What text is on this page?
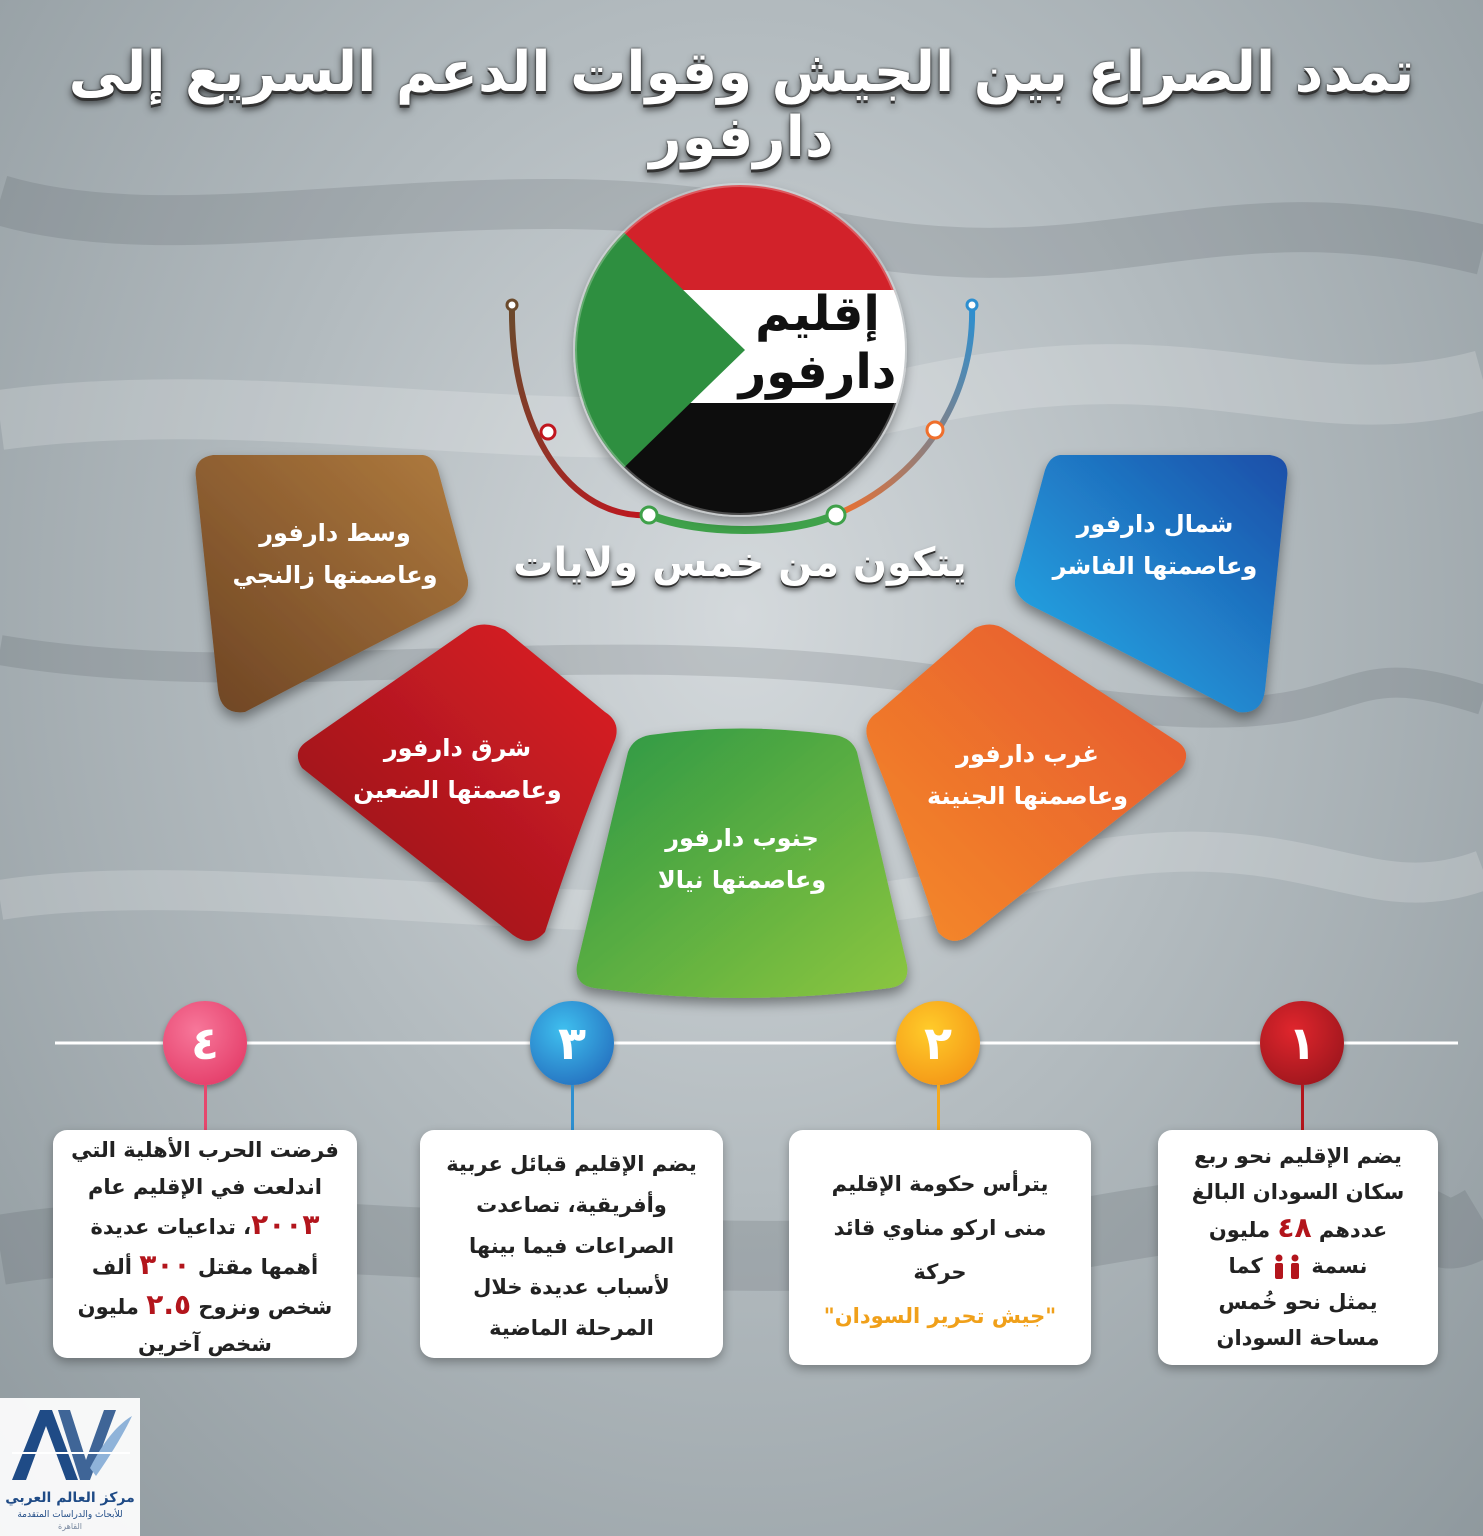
تمدد الصراع بين الجيش وقوات الدعم السريع إلى دارفور
إقليم
دارفور
يتكون من خمس ولايات
شمال دارفور
وعاصمتها الفاشر
غرب دارفور
وعاصمتها الجنينة
جنوب دارفور
وعاصمتها نيالا
شرق دارفور
وعاصمتها الضعين
وسط دارفور
وعاصمتها زالنجي
١
٢
٣
٤
يضم الإقليم نحو ربع
سكان السودان البالغ
عددهم ٤٨ مليون
نسمة  كما
يمثل نحو خُمس
مساحة السودان
يترأس حكومة الإقليم
منى اركو مناوي قائد
حركة
"جيش تحرير السودان"
يضم الإقليم قبائل عربية
وأفريقية، تصاعدت
الصراعات فيما بينها
لأسباب عديدة خلال
المرحلة الماضية
فرضت الحرب الأهلية التي
اندلعت في الإقليم عام
٢٠٠٣، تداعيات عديدة
أهمها مقتل ٣٠٠ ألف
شخص ونزوح ٢.٥ مليون
شخص آخرين
مركز العالم العربي
للأبحاث والدراسات المتقدمة
القاهرة
